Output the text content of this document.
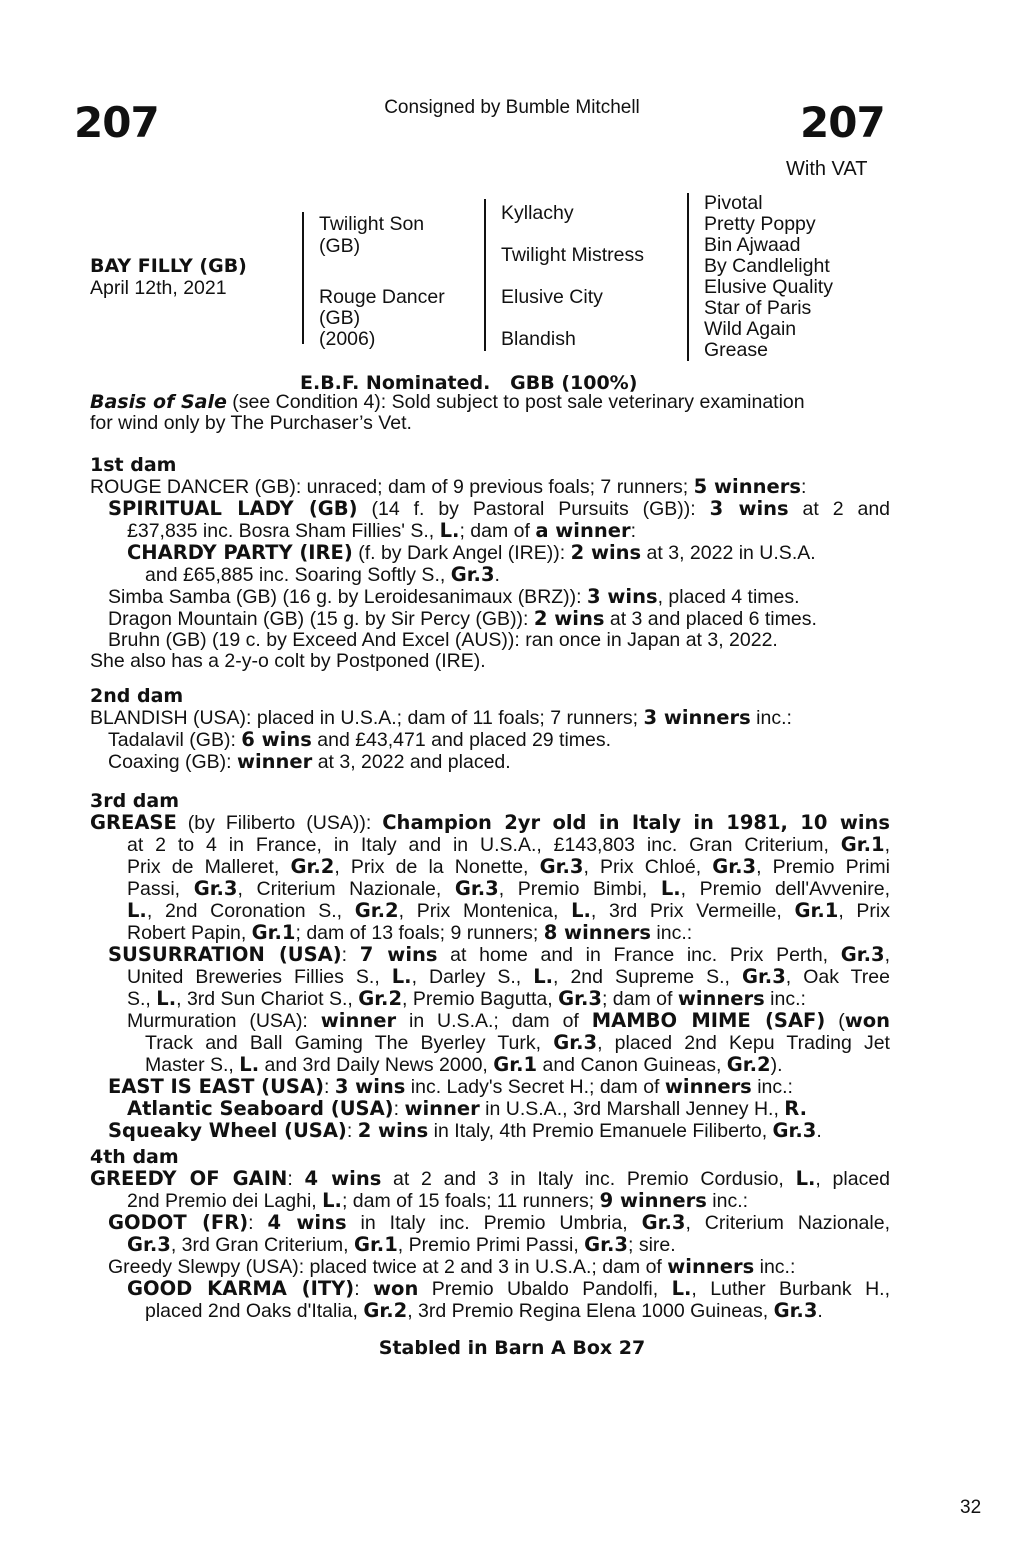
207	Consigned by Bumble Mitchell	207
With VAT
BAY FILLY (GB)
April 12th, 2021
Twilight Son
(GB)
Rouge Dancer
(GB)
(2006)
Kyllachy
Twilight Mistress
Elusive City
Blandish
Pivotal
Pretty Poppy
Bin Ajwaad
By Candlelight
Elusive Quality
Star of Paris
Wild Again
Grease
E.B.F. Nominated.   GBB (100%)
Basis of Sale (see Condition 4): Sold subject to post sale veterinary examination
for wind only by The Purchaser’s Vet.
1st dam
ROUGE DANCER (GB): unraced; dam of 9 previous foals; 7 runners; 5 winners:
SPIRITUAL LADY (GB) (14 f. by Pastoral Pursuits (GB)): 3 wins at 2 and
£37,835 inc. Bosra Sham Fillies' S., L.; dam of a winner:
CHARDY PARTY (IRE) (f. by Dark Angel (IRE)): 2 wins at 3, 2022 in U.S.A.
and £65,885 inc. Soaring Softly S., Gr.3.
Simba Samba (GB) (16 g. by Leroidesanimaux (BRZ)): 3 wins, placed 4 times.
Dragon Mountain (GB) (15 g. by Sir Percy (GB)): 2 wins at 3 and placed 6 times.
Bruhn (GB) (19 c. by Exceed And Excel (AUS)): ran once in Japan at 3, 2022.
She also has a 2-y-o colt by Postponed (IRE).
2nd dam
BLANDISH (USA): placed in U.S.A.; dam of 11 foals; 7 runners; 3 winners inc.:
Tadalavil (GB): 6 wins and £43,471 and placed 29 times.
Coaxing (GB): winner at 3, 2022 and placed.
3rd dam
GREASE (by Filiberto (USA)): Champion 2yr old in Italy in 1981, 10 wins
at 2 to 4 in France, in Italy and in U.S.A., £143,803 inc. Gran Criterium, Gr.1,
Prix de Malleret, Gr.2, Prix de la Nonette, Gr.3, Prix Chloé, Gr.3, Premio Primi
Passi, Gr.3, Criterium Nazionale, Gr.3, Premio Bimbi, L., Premio dell'Avvenire,
L., 2nd Coronation S., Gr.2, Prix Montenica, L., 3rd Prix Vermeille, Gr.1, Prix
Robert Papin, Gr.1; dam of 13 foals; 9 runners; 8 winners inc.:
SUSURRATION (USA): 7 wins at home and in France inc. Prix Perth, Gr.3,
United Breweries Fillies S., L., Darley S., L., 2nd Supreme S., Gr.3, Oak Tree
S., L., 3rd Sun Chariot S., Gr.2, Premio Bagutta, Gr.3; dam of winners inc.:
Murmuration (USA): winner in U.S.A.; dam of MAMBO MIME (SAF) (won
Track and Ball Gaming The Byerley Turk, Gr.3, placed 2nd Kepu Trading Jet
Master S., L. and 3rd Daily News 2000, Gr.1 and Canon Guineas, Gr.2).
EAST IS EAST (USA): 3 wins inc. Lady's Secret H.; dam of winners inc.:
Atlantic Seaboard (USA): winner in U.S.A., 3rd Marshall Jenney H., R.
Squeaky Wheel (USA): 2 wins in Italy, 4th Premio Emanuele Filiberto, Gr.3.
4th dam
GREEDY OF GAIN: 4 wins at 2 and 3 in Italy inc. Premio Cordusio, L., placed
2nd Premio dei Laghi, L.; dam of 15 foals; 11 runners; 9 winners inc.:
GODOT (FR): 4 wins in Italy inc. Premio Umbria, Gr.3, Criterium Nazionale,
Gr.3, 3rd Gran Criterium, Gr.1, Premio Primi Passi, Gr.3; sire.
Greedy Slewpy (USA): placed twice at 2 and 3 in U.S.A.; dam of winners inc.:
GOOD KARMA (ITY): won Premio Ubaldo Pandolfi, L., Luther Burbank H.,
placed 2nd Oaks d'Italia, Gr.2, 3rd Premio Regina Elena 1000 Guineas, Gr.3.
Stabled in Barn A Box 27
32
